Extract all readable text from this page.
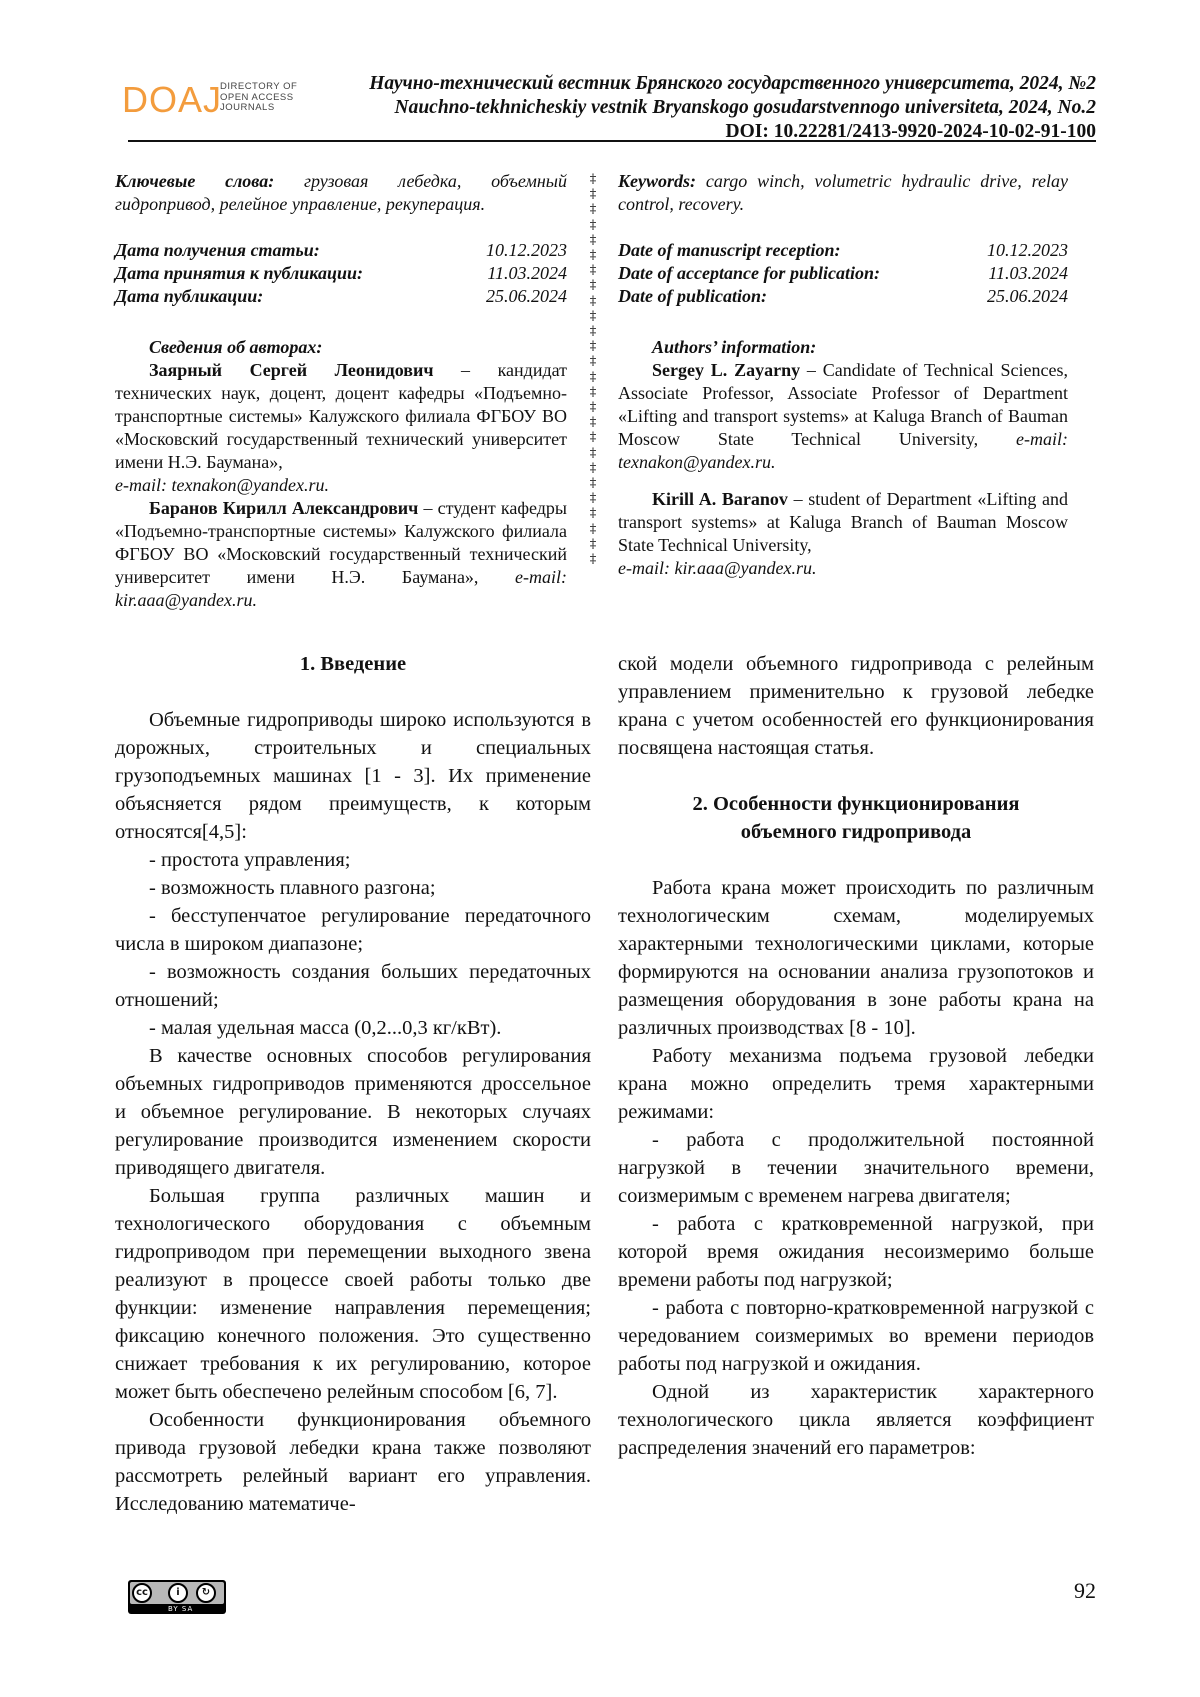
DOAJ
DIRECTORY OF
OPEN ACCESS
JOURNALS
Научно-технический вестник Брянского государственного университета, 2024, №2
Nauchno-tekhnicheskiy vestnik Bryanskogo gosudarstvennogo universiteta, 2024, No.2
DOI: 10.22281/2413-9920-2024-10-02-91-100
Ключевые слова: грузовая лебедка, объемный гидропривод, релейное управление, рекуперация.
Дата получения статьи:	10.12.2023
Дата принятия к публикации:	11.03.2024
Дата публикации:	25.06.2024
Сведения об авторах:

Заярный Сергей Леонидович – кандидат технических наук, доцент, доцент кафедры «Подъемно-транспортные системы» Калужского филиала ФГБОУ ВО «Московский государственный технический университет имени Н.Э. Баумана»,

e-mail: texnakon@yandex.ru.

Баранов Кирилл Александрович – студент кафедры «Подъемно-транспортные системы» Калужского филиала ФГБОУ ВО «Московский государственный технический университет имени Н.Э. Баумана», e-mail: kir.aaa@yandex.ru.

‡
‡
‡
‡
‡
‡
‡
‡
‡
‡
‡
‡
‡
‡
‡
‡
‡
‡
‡
‡
‡
‡
‡
‡
‡
‡
Keywords: cargo winch, volumetric hydraulic drive, relay control, recovery.
Date of manuscript reception:	10.12.2023
Date of acceptance for publication:	11.03.2024
Date of publication:	25.06.2024
Authors’ information:

Sergey L. Zayarny – Candidate of Technical Sciences, Associate Professor, Associate Professor of Department «Lifting and transport systems» at Kaluga Branch of Bauman Moscow State Technical University, e-mail: texnakon@yandex.ru.

Kirill A. Baranov – student of Department «Lifting and transport systems» at Kaluga Branch of Bauman Moscow State Technical University,

e-mail: kir.aaa@yandex.ru.

1. Введение

Объемные гидроприводы широко используются в дорожных, строительных и специальных грузоподъемных машинах [1 - 3]. Их применение объясняется рядом преимуществ, к которым относятся[4,5]:

- простота управления;

- возможность плавного разгона;

- бесступенчатое регулирование передаточного числа в широком диапазоне;

- возможность создания больших передаточных отношений;

- малая удельная масса (0,2...0,3 кг/кВт).

В качестве основных способов регулирования объемных гидроприводов применяются дроссельное и объемное регулирование. В некоторых случаях регулирование производится изменением скорости приводящего двигателя.

Большая группа различных машин и технологического оборудования с объемным гидроприводом при перемещении выходного звена реализуют в процессе своей работы только две функции: изменение направления перемещения; фиксацию конечного положения. Это существенно снижает требования к их регулированию, которое может быть обеспечено релейным способом [6, 7].

Особенности функционирования объемного привода грузовой лебедки крана также позволяют рассмотреть релейный вариант его управления. Исследованию математиче-

ской модели объемного гидропривода с релейным управлением применительно к грузовой лебедке крана с учетом особенностей его функционирования посвящена настоящая статья.

2. Особенности функционирования

объемного гидропривода

Работа крана может происходить по различным технологическим схемам, моделируемых характерными технологическими циклами, которые формируются на основании анализа грузопотоков и размещения оборудования в зоне работы крана на различных производствах [8 - 10].

Работу механизма подъема грузовой лебедки крана можно определить тремя характерными режимами:

- работа с продолжительной постоянной нагрузкой в течении значительного времени, соизмеримым с временем нагрева двигателя;

- работа с кратковременной нагрузкой, при которой время ожидания несоизмеримо больше времени работы под нагрузкой;

- работа с повторно-кратковременной нагрузкой с чередованием соизмеримых во времени периодов работы под нагрузкой и ожидания.

Одной из характеристик характерного технологического цикла является коэффициент распределения значений его параметров:

cc	i	↻
BY SA
92
